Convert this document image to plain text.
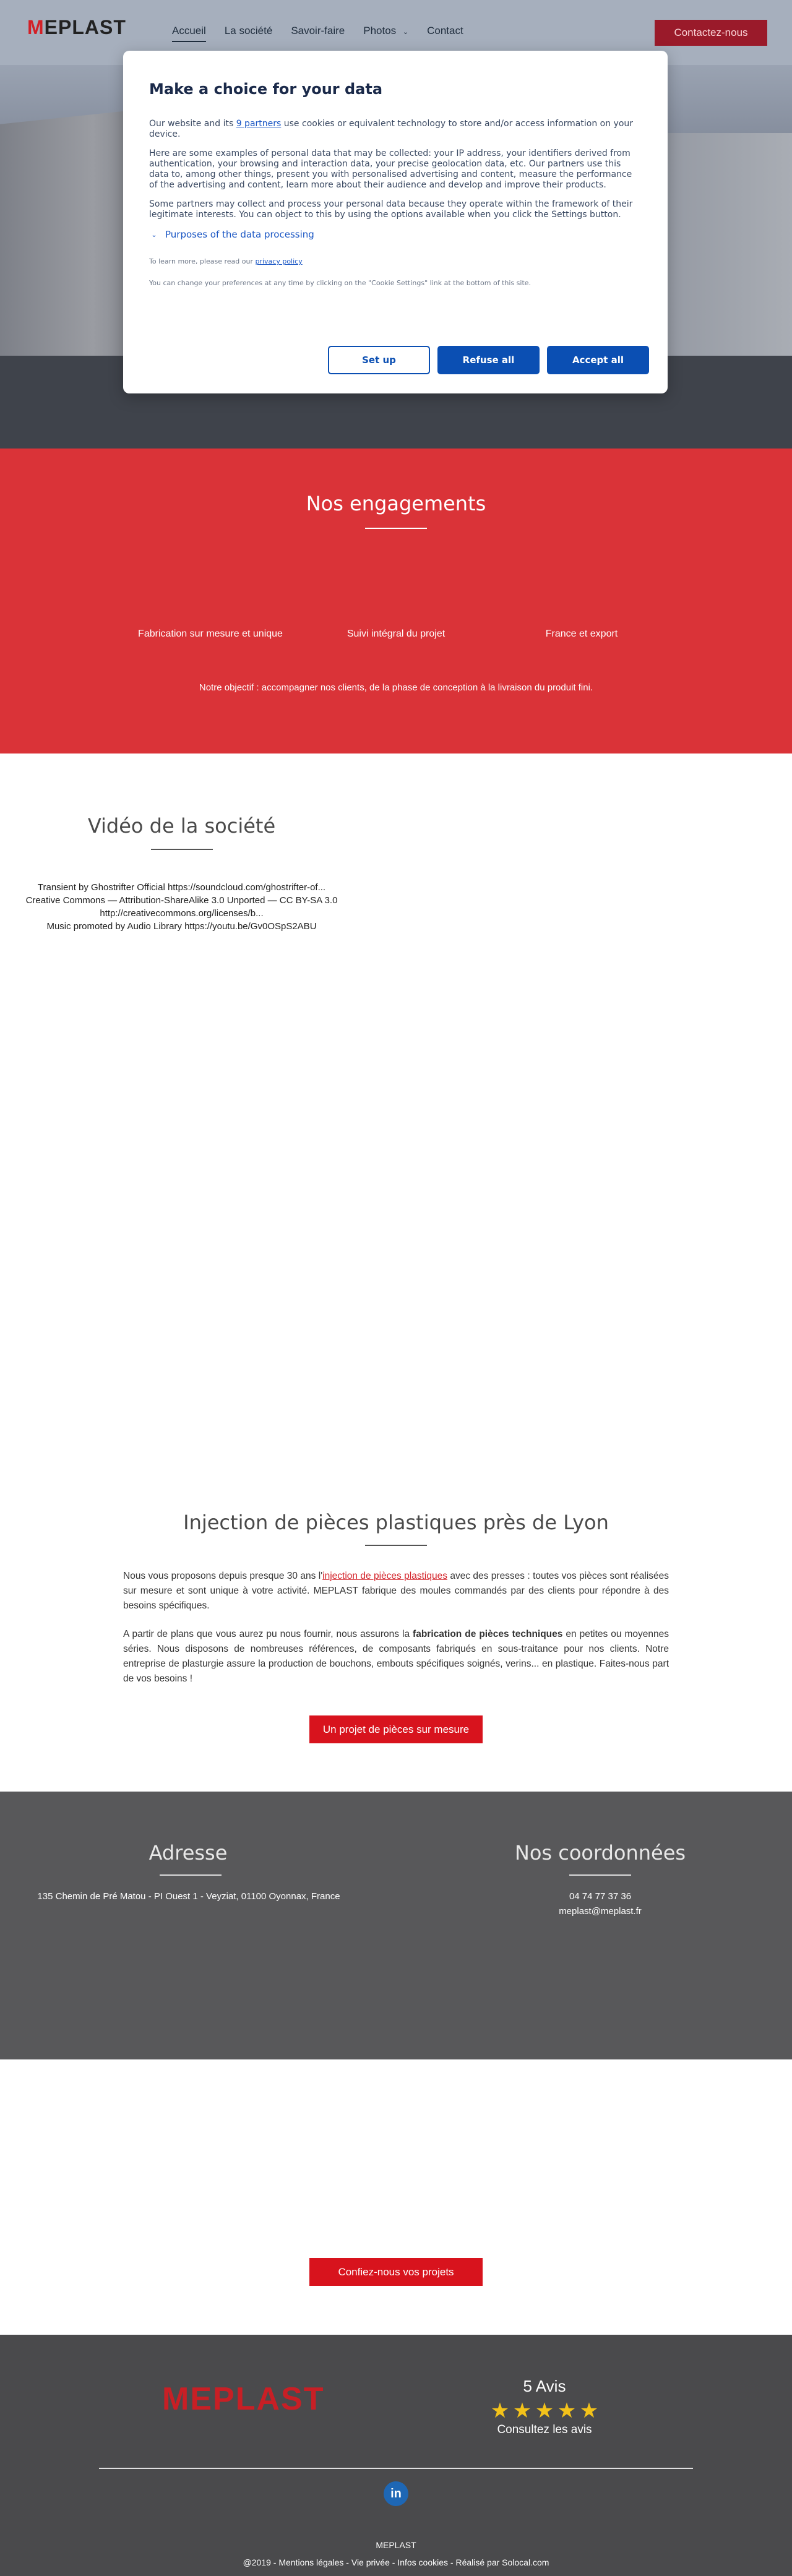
MEPLAST	Accueil La société Savoir-faire Photos ⌄ Contact	Contactez-nous
Make a choice for your data

Our website and its 9 partners use cookies or equivalent technology to store and/or access information on your device.

Here are some examples of personal data that may be collected: your IP address, your identifiers derived from authentication, your browsing and interaction data, your precise geolocation data, etc. Our partners use this data to, among other things, present you with personalised advertising and content, measure the performance of the advertising and content, learn more about their audience and develop and improve their products.

Some partners may collect and process your personal data because they operate within the framework of their legitimate interests. You can object to this by using the options available when you click the Settings button.

⌄ Purposes of the data processing

To learn more, please read our privacy policy

You can change your preferences at any time by clicking on the "Cookie Settings" link at the bottom of this site.

Set up	Refuse all	Accept all
Nos engagements
Fabrication sur mesure et unique	Suivi intégral du projet	France et export
Notre objectif : accompagner nos clients, de la phase de conception à la livraison du produit fini.
Vidéo de la société
Transient by Ghostrifter Official https://soundcloud.com/ghostrifter-of...
Creative Commons — Attribution-ShareAlike 3.0 Unported — CC BY-SA 3.0
http://creativecommons.org/licenses/b...
Music promoted by Audio Library https://youtu.be/Gv0OSpS2ABU
Injection de pièces plastiques près de Lyon

Nous vous proposons depuis presque 30 ans l'injection de pièces plastiques avec des presses : toutes vos pièces sont réalisées sur mesure et sont unique à votre activité. MEPLAST fabrique des moules commandés par des clients pour répondre à des besoins spécifiques.

A partir de plans que vous aurez pu nous fournir, nous assurons la fabrication de pièces techniques en petites ou moyennes séries. Nous disposons de nombreuses références, de composants fabriqués en sous-traitance pour nos clients. Notre entreprise de plasturgie assure la production de bouchons, embouts spécifiques soignés, verins... en plastique. Faites-nous part de vos besoins !

Un projet de pièces sur mesure
Adresse
135 Chemin de Pré Matou - PI Ouest 1 - Veyziat, 01100 Oyonnax, France
Nos coordonnées
04 74 77 37 36
meplast@meplast.fr
Confiez-nous vos projets
MEPLAST	5 Avis
★ ★ ★ ★ ★
Consultez les avis
in
MEPLAST
@2019 - Mentions légales - Vie privée - Infos cookies - Réalisé par Solocal.com
